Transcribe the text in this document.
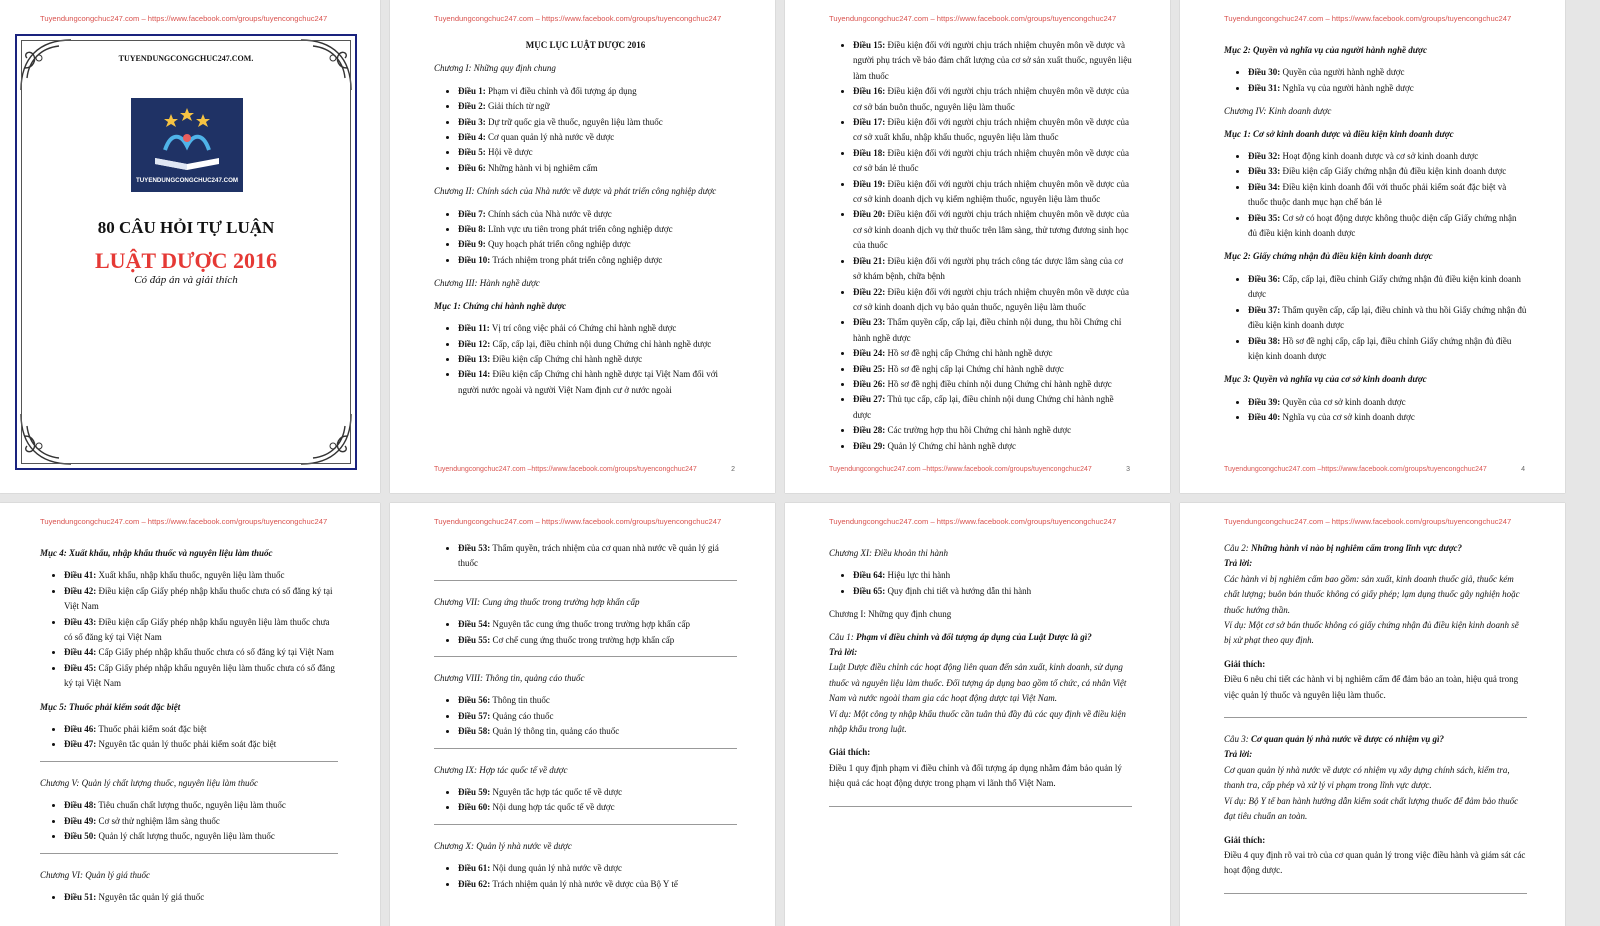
Tuyendungcongchuc247.com – https://www.facebook.com/groups/tuyencongchuc247
TUYENDUNGCONGCHUC247.COM.
TUYENDUNGCONGCHUC247.COM
80 CÂU HỎI TỰ LUẬN
LUẬT DƯỢC 2016
Có đáp án và giải thích
Tuyendungcongchuc247.com – https://www.facebook.com/groups/tuyencongchuc247
MỤC LỤC LUẬT DƯỢC 2016
Chương I: Những quy định chung
• Điều 1: Phạm vi điều chỉnh và đối tượng áp dụng
• Điều 2: Giải thích từ ngữ
• Điều 3: Dự trữ quốc gia về thuốc, nguyên liệu làm thuốc
• Điều 4: Cơ quan quản lý nhà nước về dược
• Điều 5: Hội về dược
• Điều 6: Những hành vi bị nghiêm cấm
Chương II: Chính sách của Nhà nước về dược và phát triển công nghiệp dược
• Điều 7: Chính sách của Nhà nước về dược
• Điều 8: Lĩnh vực ưu tiên trong phát triển công nghiệp dược
• Điều 9: Quy hoạch phát triển công nghiệp dược
• Điều 10: Trách nhiệm trong phát triển công nghiệp dược
Chương III: Hành nghề dược
Mục 1: Chứng chỉ hành nghề dược
• Điều 11: Vị trí công việc phải có Chứng chỉ hành nghề dược
• Điều 12: Cấp, cấp lại, điều chỉnh nội dung Chứng chỉ hành nghề dược
• Điều 13: Điều kiện cấp Chứng chỉ hành nghề dược
• Điều 14: Điều kiện cấp Chứng chỉ hành nghề dược tại Việt Nam đối với người nước ngoài và người Việt Nam định cư ở nước ngoài
Tuyendungcongchuc247.com –https://www.facebook.com/groups/tuyencongchuc247	2
Tuyendungcongchuc247.com – https://www.facebook.com/groups/tuyencongchuc247
• Điều 15: Điều kiện đối với người chịu trách nhiệm chuyên môn về dược và người phụ trách về bảo đảm chất lượng của cơ sở sản xuất thuốc, nguyên liệu làm thuốc
• Điều 16: Điều kiện đối với người chịu trách nhiệm chuyên môn về dược của cơ sở bán buôn thuốc, nguyên liệu làm thuốc
• Điều 17: Điều kiện đối với người chịu trách nhiệm chuyên môn về dược của cơ sở xuất khẩu, nhập khẩu thuốc, nguyên liệu làm thuốc
• Điều 18: Điều kiện đối với người chịu trách nhiệm chuyên môn về dược của cơ sở bán lẻ thuốc
• Điều 19: Điều kiện đối với người chịu trách nhiệm chuyên môn về dược của cơ sở kinh doanh dịch vụ kiểm nghiệm thuốc, nguyên liệu làm thuốc
• Điều 20: Điều kiện đối với người chịu trách nhiệm chuyên môn về dược của cơ sở kinh doanh dịch vụ thử thuốc trên lâm sàng, thử tương đương sinh học của thuốc
• Điều 21: Điều kiện đối với người phụ trách công tác dược lâm sàng của cơ sở khám bệnh, chữa bệnh
• Điều 22: Điều kiện đối với người chịu trách nhiệm chuyên môn về dược của cơ sở kinh doanh dịch vụ bảo quản thuốc, nguyên liệu làm thuốc
• Điều 23: Thẩm quyền cấp, cấp lại, điều chỉnh nội dung, thu hồi Chứng chỉ hành nghề dược
• Điều 24: Hồ sơ đề nghị cấp Chứng chỉ hành nghề dược
• Điều 25: Hồ sơ đề nghị cấp lại Chứng chỉ hành nghề dược
• Điều 26: Hồ sơ đề nghị điều chỉnh nội dung Chứng chỉ hành nghề dược
• Điều 27: Thủ tục cấp, cấp lại, điều chỉnh nội dung Chứng chỉ hành nghề dược
• Điều 28: Các trường hợp thu hồi Chứng chỉ hành nghề dược
• Điều 29: Quản lý Chứng chỉ hành nghề dược
Tuyendungcongchuc247.com –https://www.facebook.com/groups/tuyencongchuc247	3
Tuyendungcongchuc247.com – https://www.facebook.com/groups/tuyencongchuc247
Mục 2: Quyền và nghĩa vụ của người hành nghề dược
• Điều 30: Quyền của người hành nghề dược
• Điều 31: Nghĩa vụ của người hành nghề dược
Chương IV: Kinh doanh dược
Mục 1: Cơ sở kinh doanh dược và điều kiện kinh doanh dược
• Điều 32: Hoạt động kinh doanh dược và cơ sở kinh doanh dược
• Điều 33: Điều kiện cấp Giấy chứng nhận đủ điều kiện kinh doanh dược
• Điều 34: Điều kiện kinh doanh đối với thuốc phải kiểm soát đặc biệt và thuốc thuộc danh mục hạn chế bán lẻ
• Điều 35: Cơ sở có hoạt động dược không thuộc diện cấp Giấy chứng nhận đủ điều kiện kinh doanh dược
Mục 2: Giấy chứng nhận đủ điều kiện kinh doanh dược
• Điều 36: Cấp, cấp lại, điều chỉnh Giấy chứng nhận đủ điều kiện kinh doanh dược
• Điều 37: Thẩm quyền cấp, cấp lại, điều chỉnh và thu hồi Giấy chứng nhận đủ điều kiện kinh doanh dược
• Điều 38: Hồ sơ đề nghị cấp, cấp lại, điều chỉnh Giấy chứng nhận đủ điều kiện kinh doanh dược
Mục 3: Quyền và nghĩa vụ của cơ sở kinh doanh dược
• Điều 39: Quyền của cơ sở kinh doanh dược
• Điều 40: Nghĩa vụ của cơ sở kinh doanh dược
Tuyendungcongchuc247.com –https://www.facebook.com/groups/tuyencongchuc247	4
Tuyendungcongchuc247.com – https://www.facebook.com/groups/tuyencongchuc247
Mục 4: Xuất khẩu, nhập khẩu thuốc và nguyên liệu làm thuốc
• Điều 41: Xuất khẩu, nhập khẩu thuốc, nguyên liệu làm thuốc
• Điều 42: Điều kiện cấp Giấy phép nhập khẩu thuốc chưa có số đăng ký tại Việt Nam
• Điều 43: Điều kiện cấp Giấy phép nhập khẩu nguyên liệu làm thuốc chưa có số đăng ký tại Việt Nam
• Điều 44: Cấp Giấy phép nhập khẩu thuốc chưa có số đăng ký tại Việt Nam
• Điều 45: Cấp Giấy phép nhập khẩu nguyên liệu làm thuốc chưa có số đăng ký tại Việt Nam
Mục 5: Thuốc phải kiểm soát đặc biệt
• Điều 46: Thuốc phải kiểm soát đặc biệt
• Điều 47: Nguyên tắc quản lý thuốc phải kiểm soát đặc biệt
Chương V: Quản lý chất lượng thuốc, nguyên liệu làm thuốc
• Điều 48: Tiêu chuẩn chất lượng thuốc, nguyên liệu làm thuốc
• Điều 49: Cơ sở thử nghiệm lâm sàng thuốc
• Điều 50: Quản lý chất lượng thuốc, nguyên liệu làm thuốc
Chương VI: Quản lý giá thuốc
• Điều 51: Nguyên tắc quản lý giá thuốc
Tuyendungcongchuc247.com – https://www.facebook.com/groups/tuyencongchuc247
• Điều 53: Thẩm quyền, trách nhiệm của cơ quan nhà nước về quản lý giá thuốc
Chương VII: Cung ứng thuốc trong trường hợp khẩn cấp
• Điều 54: Nguyên tắc cung ứng thuốc trong trường hợp khẩn cấp
• Điều 55: Cơ chế cung ứng thuốc trong trường hợp khẩn cấp
Chương VIII: Thông tin, quảng cáo thuốc
• Điều 56: Thông tin thuốc
• Điều 57: Quảng cáo thuốc
• Điều 58: Quản lý thông tin, quảng cáo thuốc
Chương IX: Hợp tác quốc tế về dược
• Điều 59: Nguyên tắc hợp tác quốc tế về dược
• Điều 60: Nội dung hợp tác quốc tế về dược
Chương X: Quản lý nhà nước về dược
• Điều 61: Nội dung quản lý nhà nước về dược
• Điều 62: Trách nhiệm quản lý nhà nước về dược của Bộ Y tế
Tuyendungcongchuc247.com – https://www.facebook.com/groups/tuyencongchuc247
Chương XI: Điều khoản thi hành
• Điều 64: Hiệu lực thi hành
• Điều 65: Quy định chi tiết và hướng dẫn thi hành
Chương I: Những quy định chung

Câu 1: Phạm vi điều chỉnh và đối tượng áp dụng của Luật Dược là gì?

Trả lời:

Luật Dược điều chỉnh các hoạt động liên quan đến sản xuất, kinh doanh, sử dụng thuốc và nguyên liệu làm thuốc. Đối tượng áp dụng bao gồm tổ chức, cá nhân Việt Nam và nước ngoài tham gia các hoạt động dược tại Việt Nam.

Ví dụ: Một công ty nhập khẩu thuốc cần tuân thủ đầy đủ các quy định về điều kiện nhập khẩu trong luật.

Giải thích:

Điều 1 quy định phạm vi điều chỉnh và đối tượng áp dụng nhằm đảm bảo quản lý hiệu quả các hoạt động dược trong phạm vi lãnh thổ Việt Nam.

Tuyendungcongchuc247.com – https://www.facebook.com/groups/tuyencongchuc247

Câu 2: Những hành vi nào bị nghiêm cấm trong lĩnh vực dược?

Trả lời:

Các hành vi bị nghiêm cấm bao gồm: sản xuất, kinh doanh thuốc giả, thuốc kém chất lượng; buôn bán thuốc không có giấy phép; lạm dụng thuốc gây nghiện hoặc thuốc hướng thần.

Ví dụ: Một cơ sở bán thuốc không có giấy chứng nhận đủ điều kiện kinh doanh sẽ bị xử phạt theo quy định.

Giải thích:

Điều 6 nêu chi tiết các hành vi bị nghiêm cấm để đảm bảo an toàn, hiệu quả trong việc quản lý thuốc và nguyên liệu làm thuốc.

Câu 3: Cơ quan quản lý nhà nước về dược có nhiệm vụ gì?

Trả lời:

Cơ quan quản lý nhà nước về dược có nhiệm vụ xây dựng chính sách, kiểm tra, thanh tra, cấp phép và xử lý vi phạm trong lĩnh vực dược.

Ví dụ: Bộ Y tế ban hành hướng dẫn kiểm soát chất lượng thuốc để đảm bảo thuốc đạt tiêu chuẩn an toàn.

Giải thích:

Điều 4 quy định rõ vai trò của cơ quan quản lý trong việc điều hành và giám sát các hoạt động dược.
